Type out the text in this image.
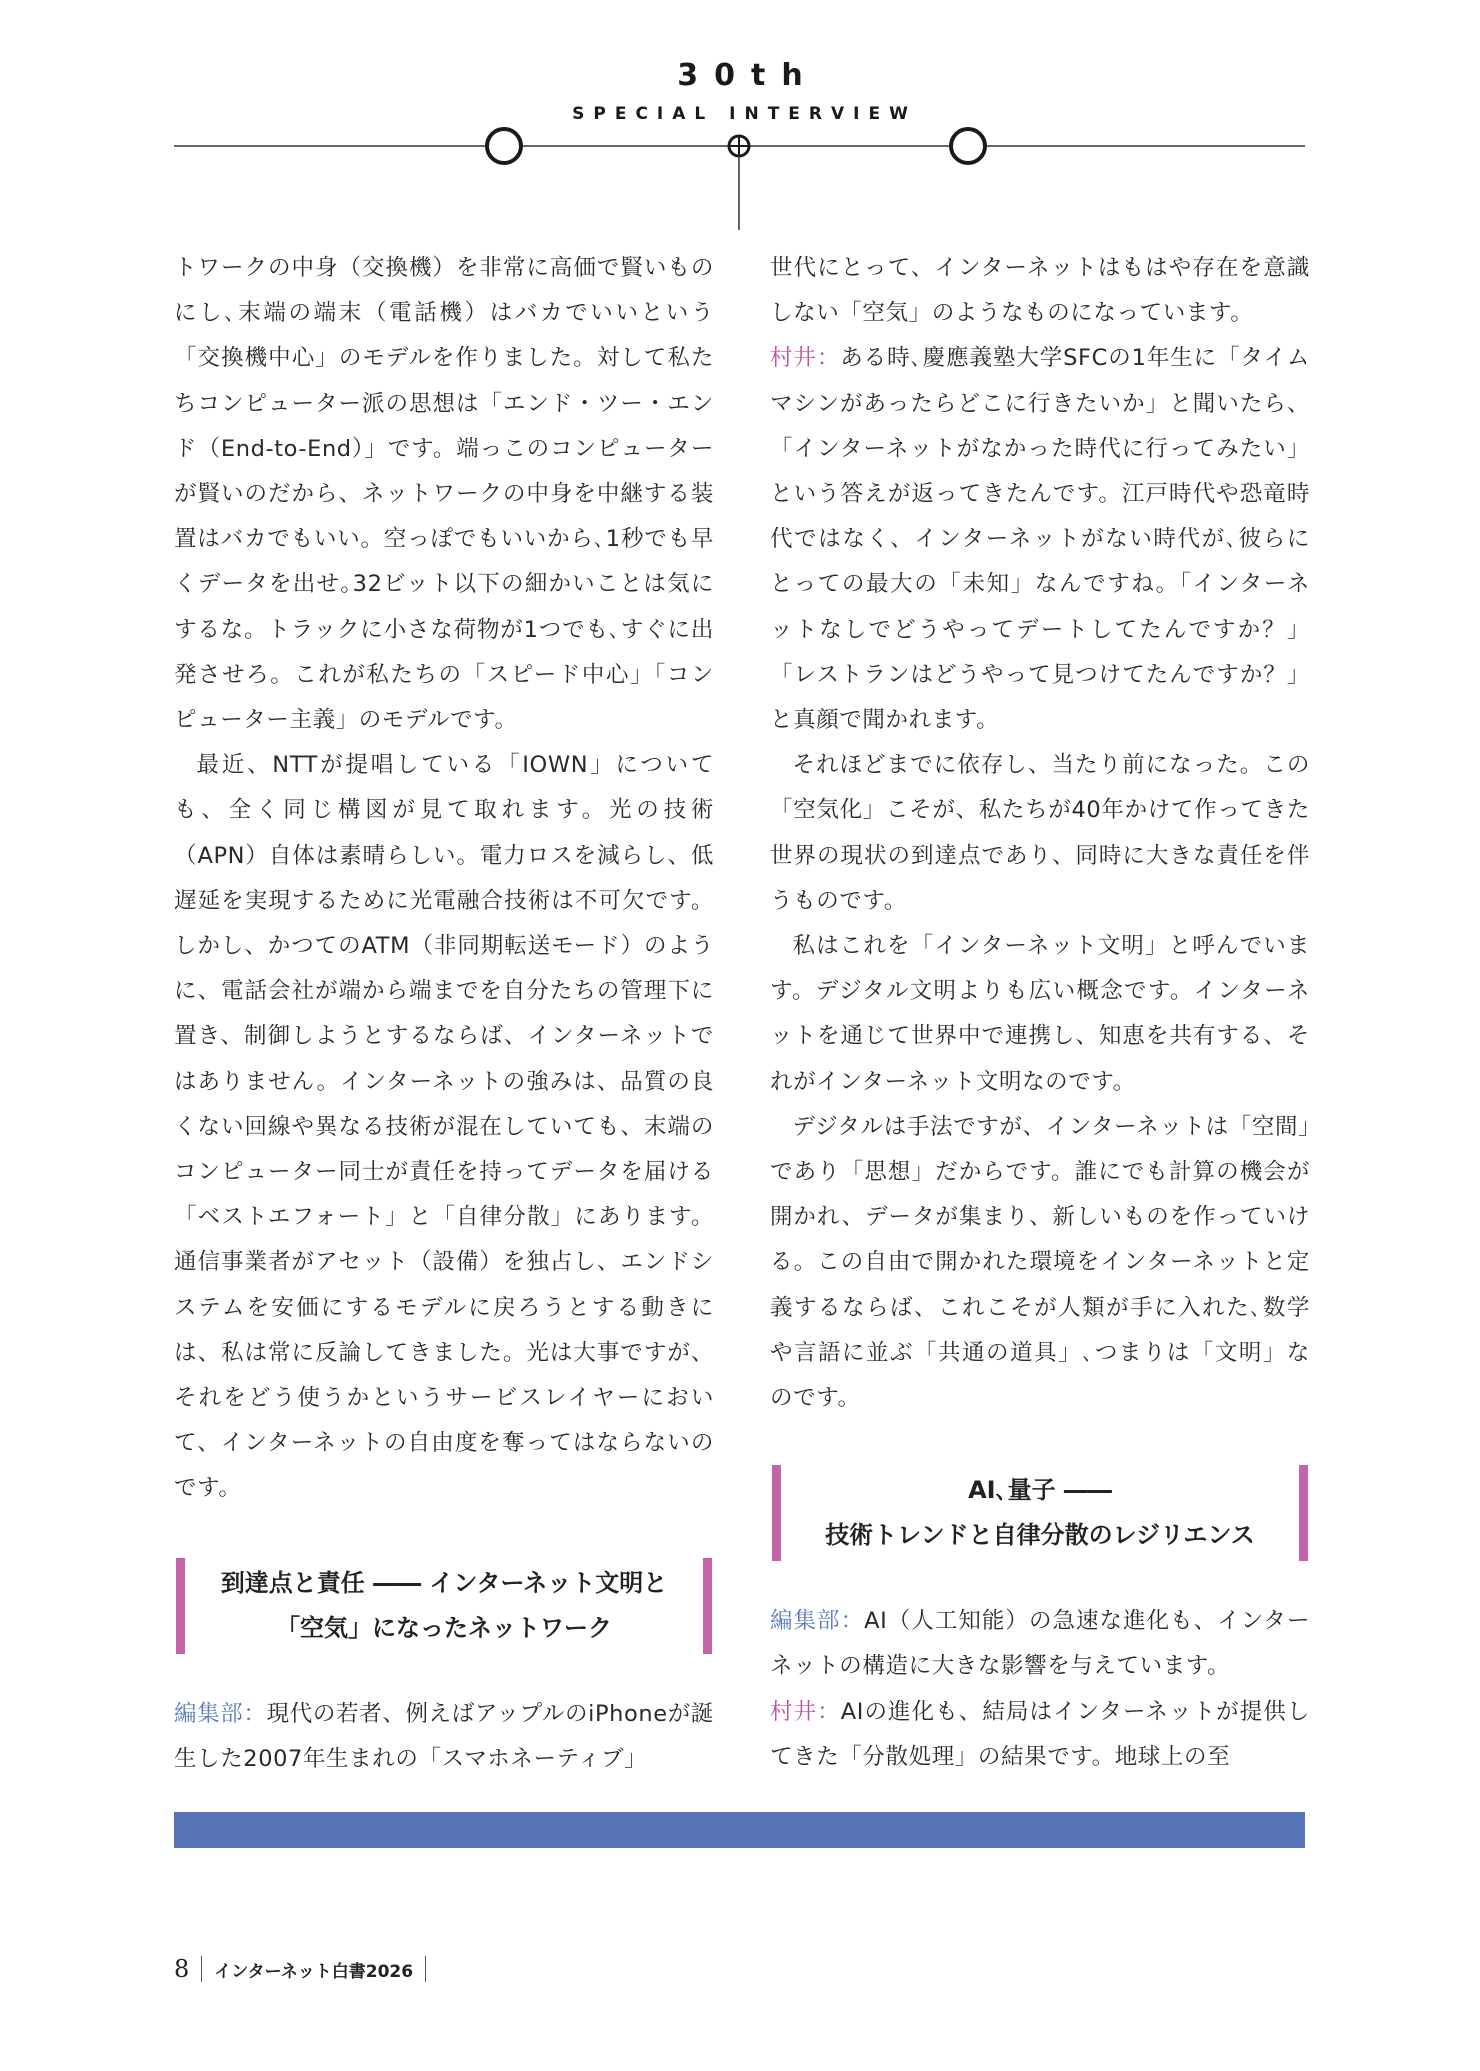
30th
SPECIAL INTERVIEW

トワークの中身（交換機）を非常に高価で賢いものにし､末端の端末（電話機）はバカでいいという「交換機中心」のモデルを作りました。対して私たちコンピューター派の思想は「エンド・ツー・エンド（End-to-End）」です。端っこのコンピューターが賢いのだから、ネットワークの中身を中継する装置はバカでもいい。空っぽでもいいから､1秒でも早くデータを出せ｡32ビット以下の細かいことは気にするな。トラックに小さな荷物が1つでも､すぐに出発させろ。これが私たちの「スピード中心」「コンピューター主義」のモデルです。

最近、NTTが提唱している「IOWN」についても、全く同じ構図が見て取れます。光の技術（APN）自体は素晴らしい。電力ロスを減らし、低遅延を実現するために光電融合技術は不可欠です。しかし、かつてのATM（非同期転送モード）のように、電話会社が端から端までを自分たちの管理下に置き、制御しようとするならば、インターネットではありません。インターネットの強みは、品質の良くない回線や異なる技術が混在していても、末端のコンピューター同士が責任を持ってデータを届ける「ベストエフォート」と「自律分散」にあります。通信事業者がアセット（設備）を独占し、エンドシステムを安価にするモデルに戻ろうとする動きには、私は常に反論してきました。光は大事ですが、それをどう使うかというサービスレイヤーにおいて、インターネットの自由度を奪ってはならないのです。

到達点と責任 ―― インターネット文明と
「空気」になったネットワーク

編集部：現代の若者、例えばアップルのiPhoneが誕生した2007年生まれの「スマホネーティブ」

世代にとって、インターネットはもはや存在を意識しない「空気」のようなものになっています。

村井：ある時､慶應義塾大学SFCの1年生に「タイムマシンがあったらどこに行きたいか」と聞いたら、「インターネットがなかった時代に行ってみたい」という答えが返ってきたんです。江戸時代や恐竜時代ではなく、インターネットがない時代が､彼らにとっての最大の「未知」なんですね。「インターネットなしでどうやってデートしてたんですか？」「レストランはどうやって見つけてたんですか？」と真顔で聞かれます。

それほどまでに依存し、当たり前になった。この「空気化」こそが、私たちが40年かけて作ってきた世界の現状の到達点であり、同時に大きな責任を伴うものです。

私はこれを「インターネット文明」と呼んでいます。デジタル文明よりも広い概念です。インターネットを通じて世界中で連携し、知恵を共有する、それがインターネット文明なのです。

デジタルは手法ですが、インターネットは「空間」であり「思想」だからです。誰にでも計算の機会が開かれ、データが集まり、新しいものを作っていける。この自由で開かれた環境をインターネットと定義するならば、これこそが人類が手に入れた､数学や言語に並ぶ「共通の道具」､つまりは「文明」なのです。

AI､量子 ――
技術トレンドと自律分散のレジリエンス

編集部：AI（人工知能）の急速な進化も、インターネットの構造に大きな影響を与えています。

村井：AIの進化も、結局はインターネットが提供してきた「分散処理」の結果です。地球上の至

8 インターネット白書2026
